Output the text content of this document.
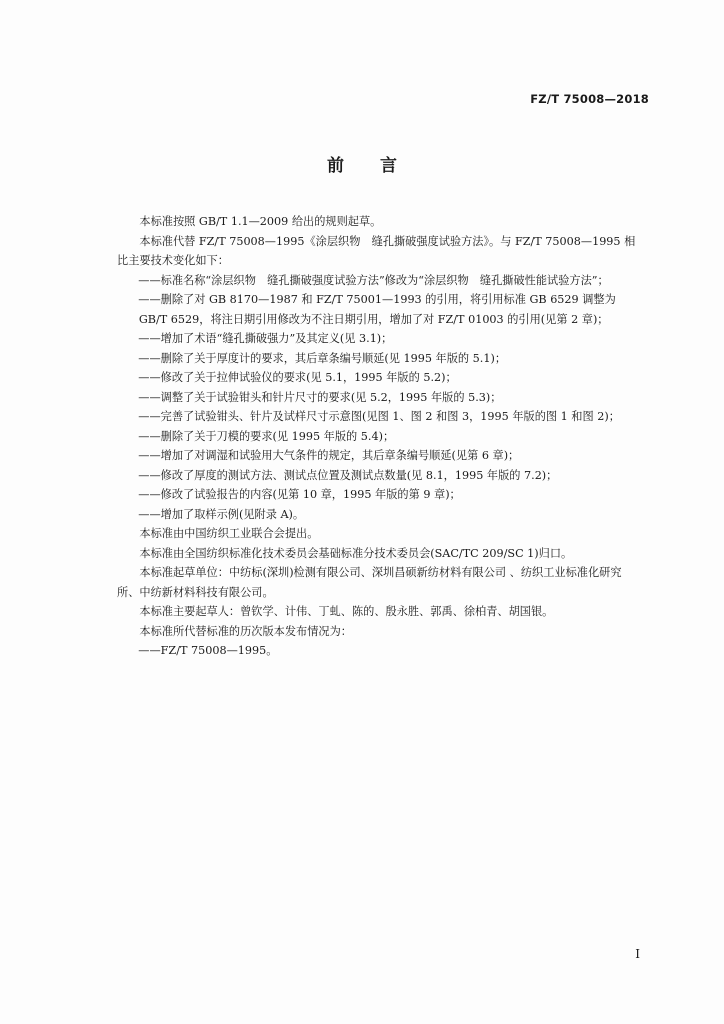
FZ/T 75008—2018
前言

本标准按照 GB/T 1.1—2009 给出的规则起草。

本标准代替 FZ/T 75008—1995《涂层织物　缝孔撕破强度试验方法》。与 FZ/T 75008—1995 相

比主要技术变化如下：

——标准名称“涂层织物　缝孔撕破强度试验方法”修改为“涂层织物　缝孔撕破性能试验方法”；

——删除了对 GB 8170—1987 和 FZ/T 75001—1993 的引用，将引用标准 GB 6529 调整为

GB/T 6529，将注日期引用修改为不注日期引用，增加了对 FZ/T 01003 的引用(见第 2 章)；

——增加了术语“缝孔撕破强力”及其定义(见 3.1)；

——删除了关于厚度计的要求，其后章条编号顺延(见 1995 年版的 5.1)；

——修改了关于拉伸试验仪的要求(见 5.1，1995 年版的 5.2)；

——调整了关于试验钳头和针片尺寸的要求(见 5.2，1995 年版的 5.3)；

——完善了试验钳头、针片及试样尺寸示意图(见图 1、图 2 和图 3，1995 年版的图 1 和图 2)；

——删除了关于刀模的要求(见 1995 年版的 5.4)；

——增加了对调湿和试验用大气条件的规定，其后章条编号顺延(见第 6 章)；

——修改了厚度的测试方法、测试点位置及测试点数量(见 8.1，1995 年版的 7.2)；

——修改了试验报告的内容(见第 10 章，1995 年版的第 9 章)；

——增加了取样示例(见附录 A)。

本标准由中国纺织工业联合会提出。

本标准由全国纺织标准化技术委员会基础标准分技术委员会(SAC/TC 209/SC 1)归口。

本标准起草单位：中纺标(深圳)检测有限公司、深圳昌硕新纺材料有限公司 、纺织工业标准化研究

所、中纺新材料科技有限公司。

本标准主要起草人：曾钦学、计伟、丁虬、陈的、殷永胜、郭禹、徐柏青、胡国银。

本标准所代替标准的历次版本发布情况为：

——FZ/T 75008—1995。

I
